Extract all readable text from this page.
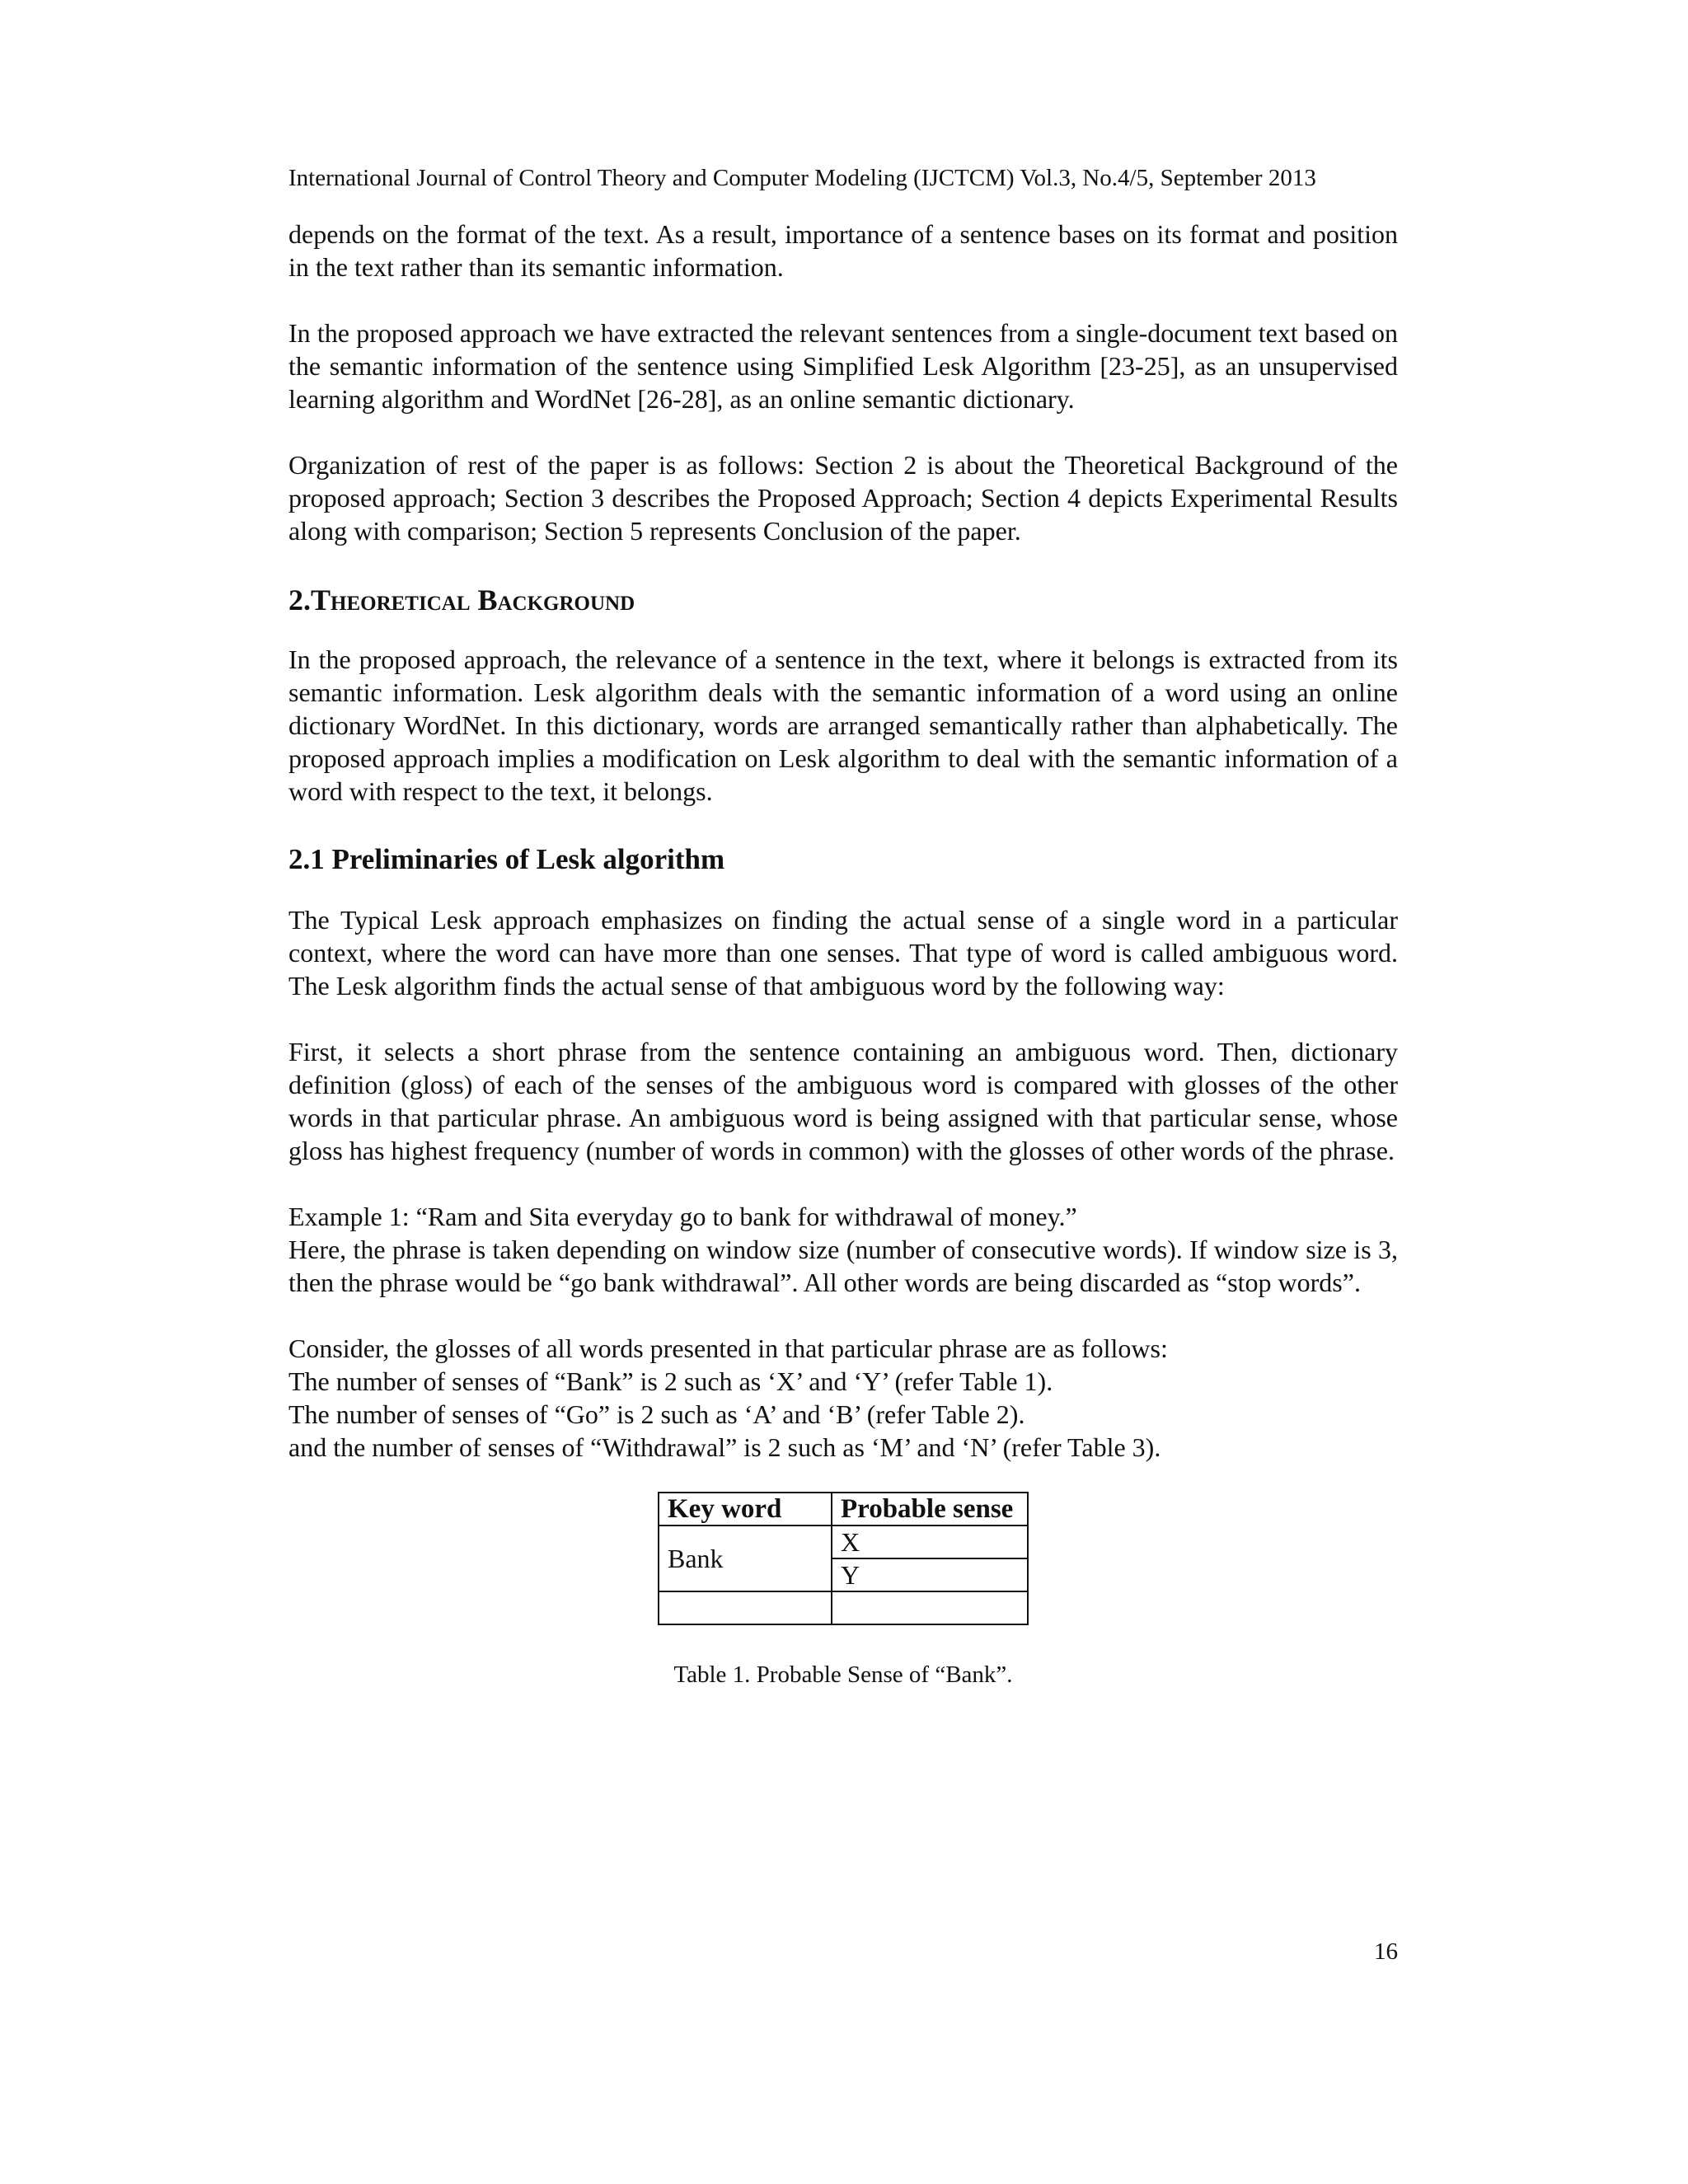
International Journal of Control Theory and Computer Modeling (IJCTCM) Vol.3, No.4/5, September 2013

depends on the format of the text. As a result, importance of a sentence bases on its format and position in the text rather than its semantic information.

In the proposed approach we have extracted the relevant sentences from a single-document text based on the semantic information of the sentence using Simplified Lesk Algorithm [23-25], as an unsupervised learning algorithm and WordNet [26-28], as an online semantic dictionary.

Organization of rest of the paper is as follows: Section 2 is about the Theoretical Background of the proposed approach; Section 3 describes the Proposed Approach; Section 4 depicts Experimental Results along with comparison; Section 5 represents Conclusion of the paper.

2.Theoretical Background

In the proposed approach, the relevance of a sentence in the text, where it belongs is extracted from its semantic information. Lesk algorithm deals with the semantic information of a word using an online dictionary WordNet. In this dictionary, words are arranged semantically rather than alphabetically. The proposed approach implies a modification on Lesk algorithm to deal with the semantic information of a word with respect to the text, it belongs.

2.1 Preliminaries of Lesk algorithm

The Typical Lesk approach emphasizes on finding the actual sense of a single word in a particular context, where the word can have more than one senses. That type of word is called ambiguous word. The Lesk algorithm finds the actual sense of that ambiguous word by the following way:

First, it selects a short phrase from the sentence containing an ambiguous word. Then, dictionary definition (gloss) of each of the senses of the ambiguous word is compared with glosses of the other words in that particular phrase. An ambiguous word is being assigned with that particular sense, whose gloss has highest frequency (number of words in common) with the glosses of other words of the phrase.

Example 1: “Ram and Sita everyday go to bank for withdrawal of money.”

Here, the phrase is taken depending on window size (number of consecutive words). If window size is 3, then the phrase would be “go bank withdrawal”. All other words are being discarded as “stop words”.

Consider, the glosses of all words presented in that particular phrase are as follows:

The number of senses of “Bank” is 2 such as ‘X’ and ‘Y’ (refer Table 1).

The number of senses of “Go” is 2 such as ‘A’ and ‘B’ (refer Table 2).

and the number of senses of “Withdrawal” is 2 such as ‘M’ and ‘N’ (refer Table 3).

Key word	Probable sense
Bank	X
	Y

Table 1. Probable Sense of “Bank”.

16
